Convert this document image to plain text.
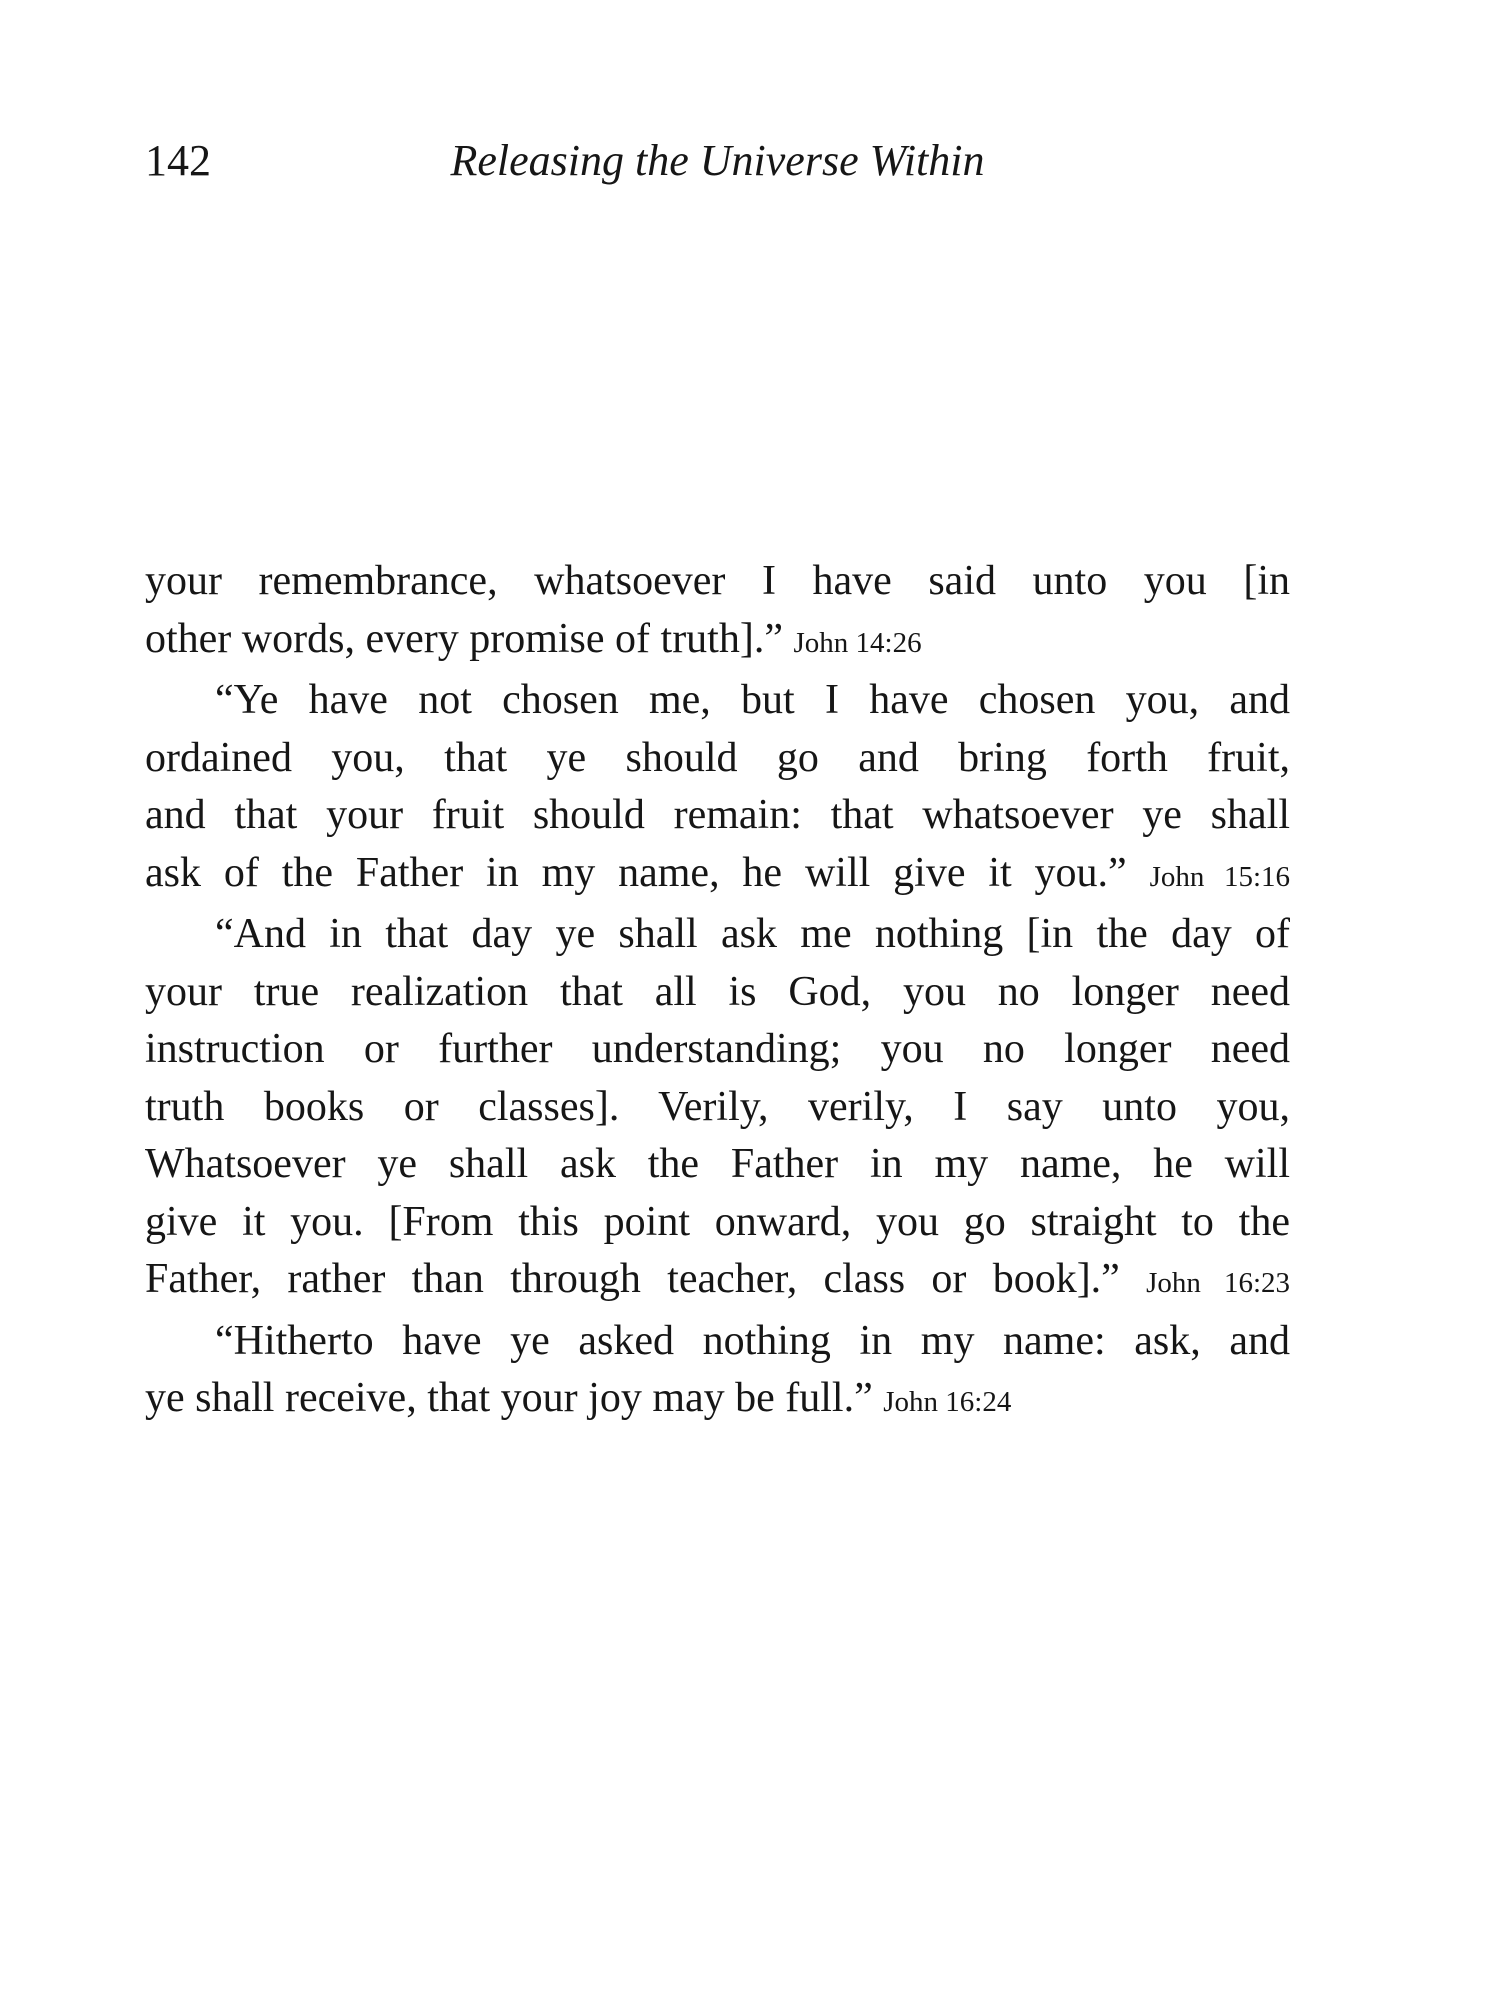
142	Releasing the Universe Within
your remembrance, whatsoever I have said unto you [in
other words, every promise of truth].” John 14:26
“Ye have not chosen me, but I have chosen you, and
ordained you, that ye should go and bring forth fruit,
and that your fruit should remain: that whatsoever ye shall
ask of the Father in my name, he will give it you.” John 15:16
“And in that day ye shall ask me nothing [in the day of
your true realization that all is God, you no longer need
instruction or further understanding; you no longer need
truth books or classes]. Verily, verily, I say unto you,
Whatsoever ye shall ask the Father in my name, he will
give it you. [From this point onward, you go straight to the
Father, rather than through teacher, class or book].” John 16:23
“Hitherto have ye asked nothing in my name: ask, and
ye shall receive, that your joy may be full.” John 16:24
